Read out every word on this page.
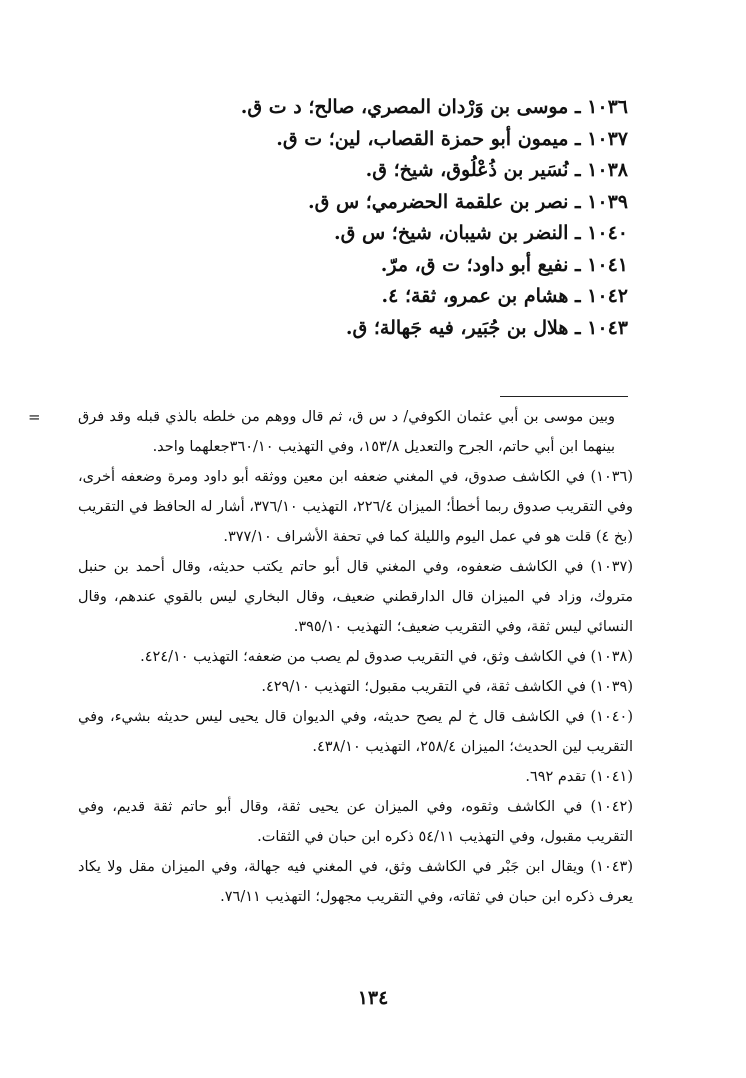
١٠٣٦ ـ موسى بن وَرْدان المصري، صالح؛ د ت ق.
١٠٣٧ ـ ميمون أبو حمزة القصاب، لين؛ ت ق.
١٠٣٨ ـ نُسَير بن ذُعْلُوق، شيخ؛ ق.
١٠٣٩ ـ نصر بن علقمة الحضرمي؛ س ق.
١٠٤٠ ـ النضر بن شيبان، شيخ؛ س ق.
١٠٤١ ـ نفيع أبو داود؛ ت ق، مرّ.
١٠٤٢ ـ هشام بن عمرو، ثقة؛ ٤.
١٠٤٣ ـ هلال بن جُبَير، فيه جَهالة؛ ق.
=	وبين موسى بن أبي عثمان الكوفي/ د س ق، ثم قال ووهم من خلطه بالذي قبله وقد فرق بينهما ابن أبي حاتم، الجرح والتعديل ١٥٣/٨، وفي التهذيب ٣٦٠/١٠جعلهما واحد.
(١٠٣٦) في الكاشف صدوق، في المغني ضعفه ابن معين ووثقه أبو داود ومرة وضعفه أخرى، وفي التقريب صدوق ربما أخطأ؛ الميزان ٢٢٦/٤، التهذيب ٣٧٦/١٠، أشار له الحافظ في التقريب (بخ ٤) قلت هو في عمل اليوم والليلة كما في تحفة الأشراف ٣٧٧/١٠.
(١٠٣٧) في الكاشف ضعفوه، وفي المغني قال أبو حاتم يكتب حديثه، وقال أحمد بن حنبل متروك، وزاد في الميزان قال الدارقطني ضعيف، وقال البخاري ليس بالقوي عندهم، وقال النسائي ليس ثقة، وفي التقريب ضعيف؛ التهذيب ٣٩٥/١٠.
(١٠٣٨) في الكاشف وثق، في التقريب صدوق لم يصب من ضعفه؛ التهذيب ٤٢٤/١٠.
(١٠٣٩) في الكاشف ثقة، في التقريب مقبول؛ التهذيب ٤٢٩/١٠.
(١٠٤٠) في الكاشف قال خ لم يصح حديثه، وفي الديوان قال يحيى ليس حديثه بشيء، وفي التقريب لين الحديث؛ الميزان ٢٥٨/٤، التهذيب ٤٣٨/١٠.
(١٠٤١) تقدم ٦٩٢.
(١٠٤٢) في الكاشف وثقوه، وفي الميزان عن يحيى ثقة، وقال أبو حاتم ثقة قديم، وفي التقريب مقبول، وفي التهذيب ٥٤/١١ ذكره ابن حبان في الثقات.
(١٠٤٣) ويقال ابن جَبْر في الكاشف وثق، في المغني فيه جهالة، وفي الميزان مقل ولا يكاد يعرف ذكره ابن حبان في ثقاته، وفي التقريب مجهول؛ التهذيب ٧٦/١١.
١٣٤
